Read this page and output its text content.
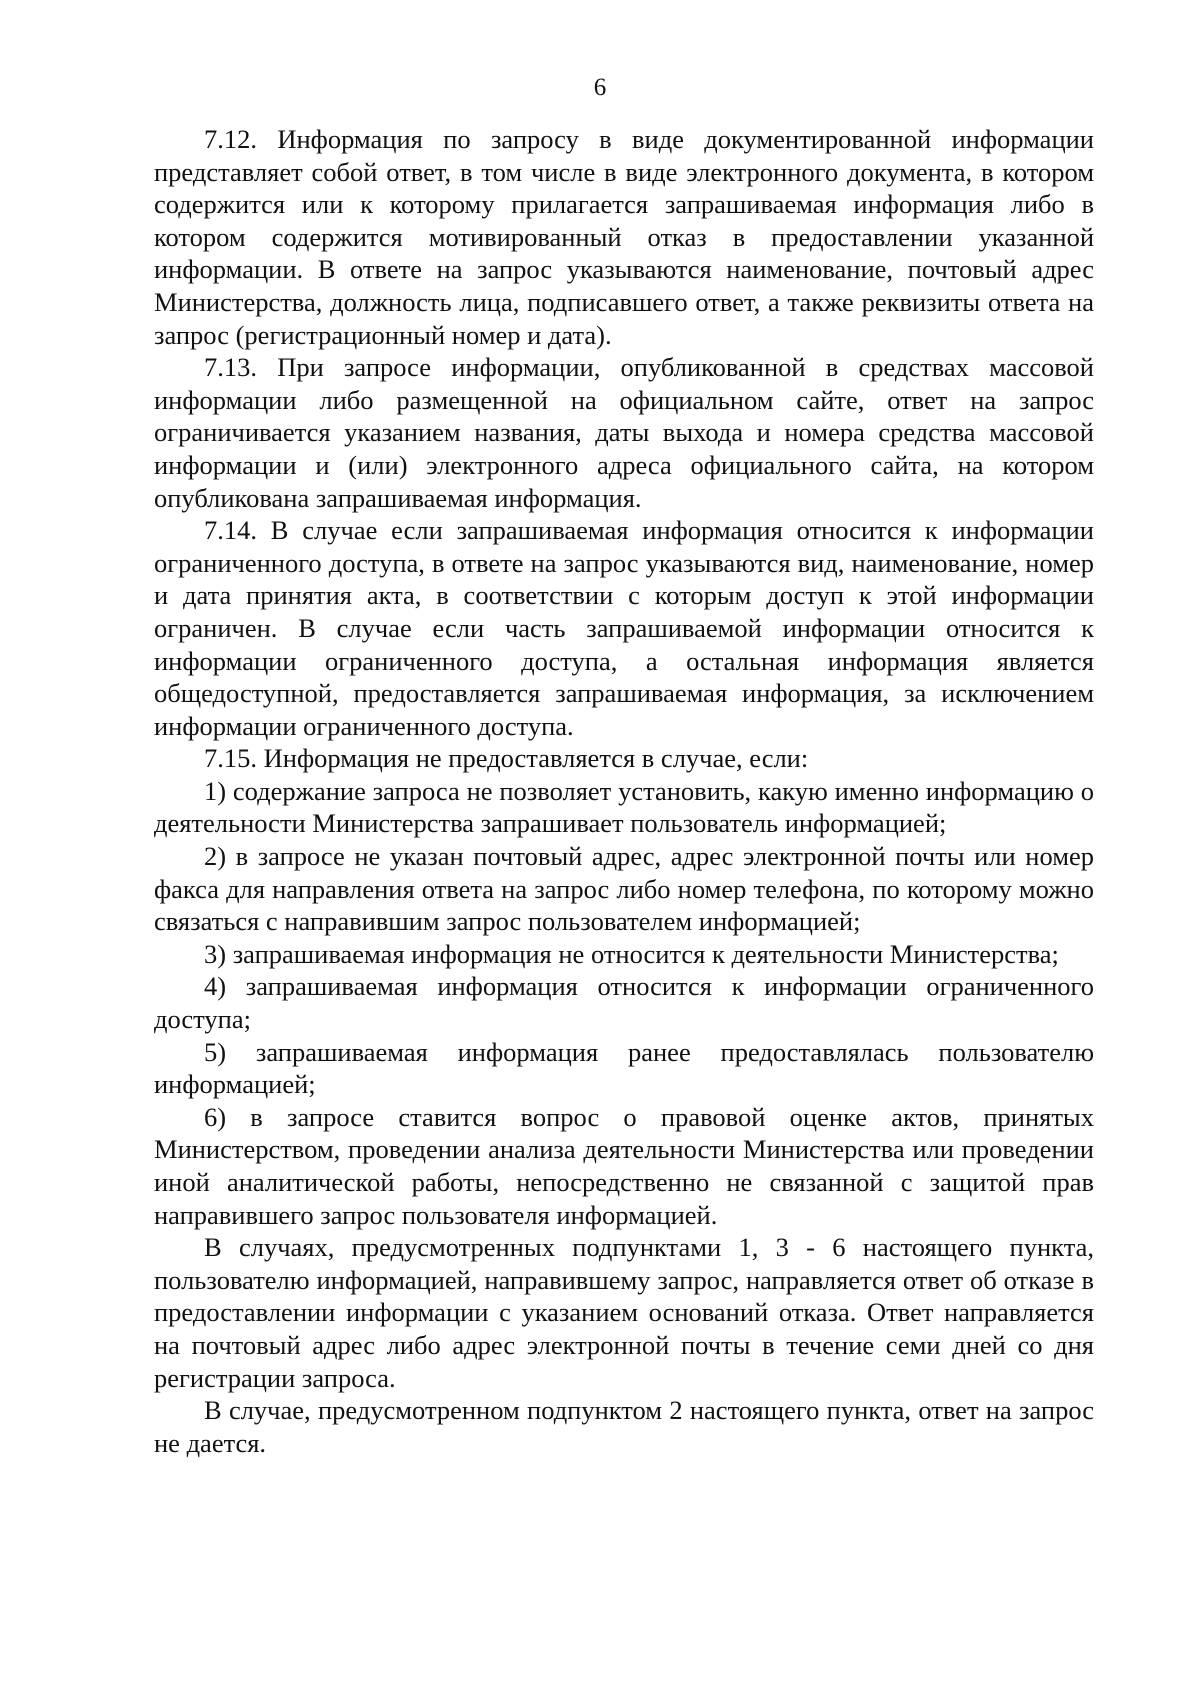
6

7.12. Информация по запросу в виде документированной информации представляет собой ответ, в том числе в виде электронного документа, в котором содержится или к которому прилагается запрашиваемая информация либо в котором содержится мотивированный отказ в предоставлении указанной информации. В ответе на запрос указываются наименование, почтовый адрес Министерства, должность лица, подписавшего ответ, а также реквизиты ответа на запрос (регистрационный номер и дата).

7.13. При запросе информации, опубликованной в средствах массовой информации либо размещенной на официальном сайте, ответ на запрос ограничивается указанием названия, даты выхода и номера средства массовой информации и (или) электронного адреса официального сайта, на котором опубликована запрашиваемая информация.

7.14. В случае если запрашиваемая информация относится к информации ограниченного доступа, в ответе на запрос указываются вид, наименование, номер и дата принятия акта, в соответствии с которым доступ к этой информации ограничен. В случае если часть запрашиваемой информации относится к информации ограниченного доступа, а остальная информация является общедоступной, предоставляется запрашиваемая информация, за исключением информации ограниченного доступа.

7.15. Информация не предоставляется в случае, если:

1) содержание запроса не позволяет установить, какую именно информацию о деятельности Министерства запрашивает пользователь информацией;

2) в запросе не указан почтовый адрес, адрес электронной почты или номер факса для направления ответа на запрос либо номер телефона, по которому можно связаться с направившим запрос пользователем информацией;

3) запрашиваемая информация не относится к деятельности Министерства;

4) запрашиваемая информация относится к информации ограниченного доступа;

5) запрашиваемая информация ранее предоставлялась пользователю информацией;

6) в запросе ставится вопрос о правовой оценке актов, принятых Министерством, проведении анализа деятельности Министерства или проведении иной аналитической работы, непосредственно не связанной с защитой прав направившего запрос пользователя информацией.

В случаях, предусмотренных подпунктами 1, 3 - 6 настоящего пункта, пользователю информацией, направившему запрос, направляется ответ об отказе в предоставлении информации с указанием оснований отказа. Ответ направляется на почтовый адрес либо адрес электронной почты в течение семи дней со дня регистрации запроса.

В случае, предусмотренном подпунктом 2 настоящего пункта, ответ на запрос не дается.
